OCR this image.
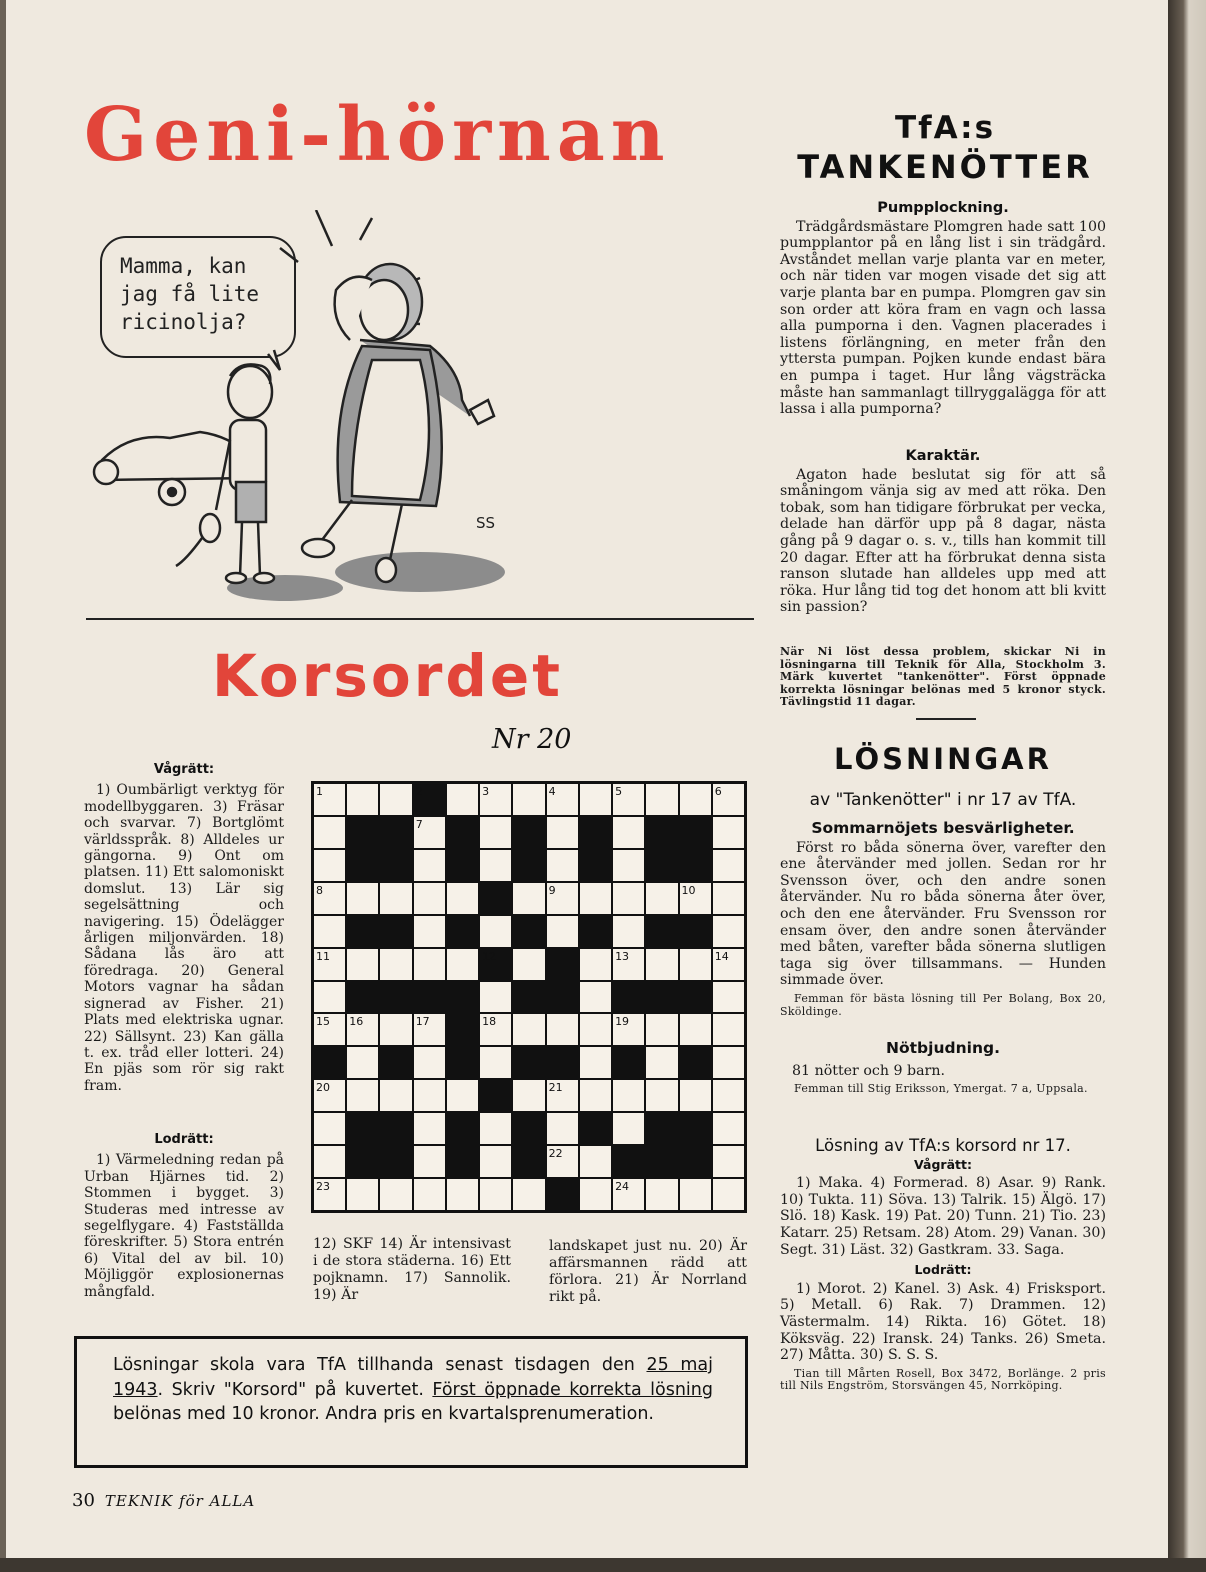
Geni-hörnan
Mamma, kan
jag få lite
ricinolja?
SS
Korsordet
Nr 20
Vågrätt:
1) Oumbärligt verktyg för modellbyggaren. 3) Fräsar och svarvar. 7) Bortglömt världsspråk. 8) Alldeles ur gängorna. 9) Ont om platsen. 11) Ett salomoniskt domslut. 13) Lär sig segelsättning och navigering. 15) Ödelägger årligen miljonvärden. 18) Sådana lås äro att föredraga. 20) General Motors vagnar ha sådan signerad av Fisher. 21) Plats med elektriska ugnar. 22) Sällsynt. 23) Kan gälla t. ex. tråd eller lotteri. 24) En pjäs som rör sig rakt fram.
Lodrätt:
1) Värmeledning redan på Urban Hjärnes tid. 2) Stommen i bygget. 3) Studeras med intresse av segelflygare. 4) Fastställda föreskrifter. 5) Stora entrén 6) Vital del av bil. 10) Möjliggör explosionernas mångfald.
1	2	3	4	5	6
7
8	9	10
11	12	13	14
15 16	17	18	19
20	21
22
23	24
12) SKF 14) Är intensivast i de stora städerna. 16) Ett pojknamn. 17) Sannolik. 19) Är
landskapet just nu. 20) Är affärsmannen rädd att förlora. 21) Är Norrland rikt på.
Lösningar skola vara TfA tillhanda senast tisdagen den 25 maj 1943. Skriv "Korsord" på kuvertet. Först öppnade korrekta lösning belönas med 10 kronor. Andra pris en kvartalsprenumeration.
30 TEKNIK för ALLA
TfA:s
TANKENÖTTER
Pumpplockning.
Trädgårdsmästare Plomgren hade satt 100 pumpplantor på en lång list i sin trädgård. Avståndet mellan varje planta var en meter, och när tiden var mogen visade det sig att varje planta bar en pumpa. Plomgren gav sin son order att köra fram en vagn och lassa alla pumporna i den. Vagnen placerades i listens förlängning, en meter från den yttersta pumpan. Pojken kunde endast bära en pumpa i taget. Hur lång vägsträcka måste han sammanlagt tillryggalägga för att lassa i alla pumporna?
Karaktär.
Agaton hade beslutat sig för att så småningom vänja sig av med att röka. Den tobak, som han tidigare förbrukat per vecka, delade han därför upp på 8 dagar, nästa gång på 9 dagar o. s. v., tills han kommit till 20 dagar. Efter att ha förbrukat denna sista ranson slutade han alldeles upp med att röka. Hur lång tid tog det honom att bli kvitt sin passion?
När Ni löst dessa problem, skickar Ni in lösningarna till Teknik för Alla, Stockholm 3. Märk kuvertet "tankenötter". Först öppnade korrekta lösningar belönas med 5 kronor styck. Tävlingstid 11 dagar.
LÖSNINGAR
av "Tankenötter" i nr 17 av TfA.
Sommarnöjets besvärligheter.
Först ro båda sönerna över, varefter den ene återvänder med jollen. Sedan ror hr Svensson över, och den andre sonen återvänder. Nu ro båda sönerna åter över, och den ene återvänder. Fru Svensson ror ensam över, den andre sonen återvänder med båten, varefter båda sönerna slutligen taga sig över tillsammans. — Hunden simmade över.
Femman för bästa lösning till Per Bolang, Box 20, Sköldinge.
Nötbjudning.
81 nötter och 9 barn.
Femman till Stig Eriksson, Ymergat. 7 a, Uppsala.
Lösning av TfA:s korsord nr 17.
Vågrätt:
1) Maka. 4) Formerad. 8) Asar. 9) Rank. 10) Tukta. 11) Söva. 13) Talrik. 15) Älgö. 17) Slö. 18) Kask. 19) Pat. 20) Tunn. 21) Tio. 23) Katarr. 25) Retsam. 28) Atom. 29) Vanan. 30) Segt. 31) Läst. 32) Gastkram. 33. Saga.
Lodrätt:
1) Morot. 2) Kanel. 3) Ask. 4) Frisksport. 5) Metall. 6) Rak. 7) Drammen. 12) Västermalm. 14) Rikta. 16) Götet. 18) Köksväg. 22) Iransk. 24) Tanks. 26) Smeta. 27) Måtta. 30) S. S. S.
Tian till Mårten Rosell, Box 3472, Borlänge. 2 pris till Nils Engström, Storsvängen 45, Norrköping.
